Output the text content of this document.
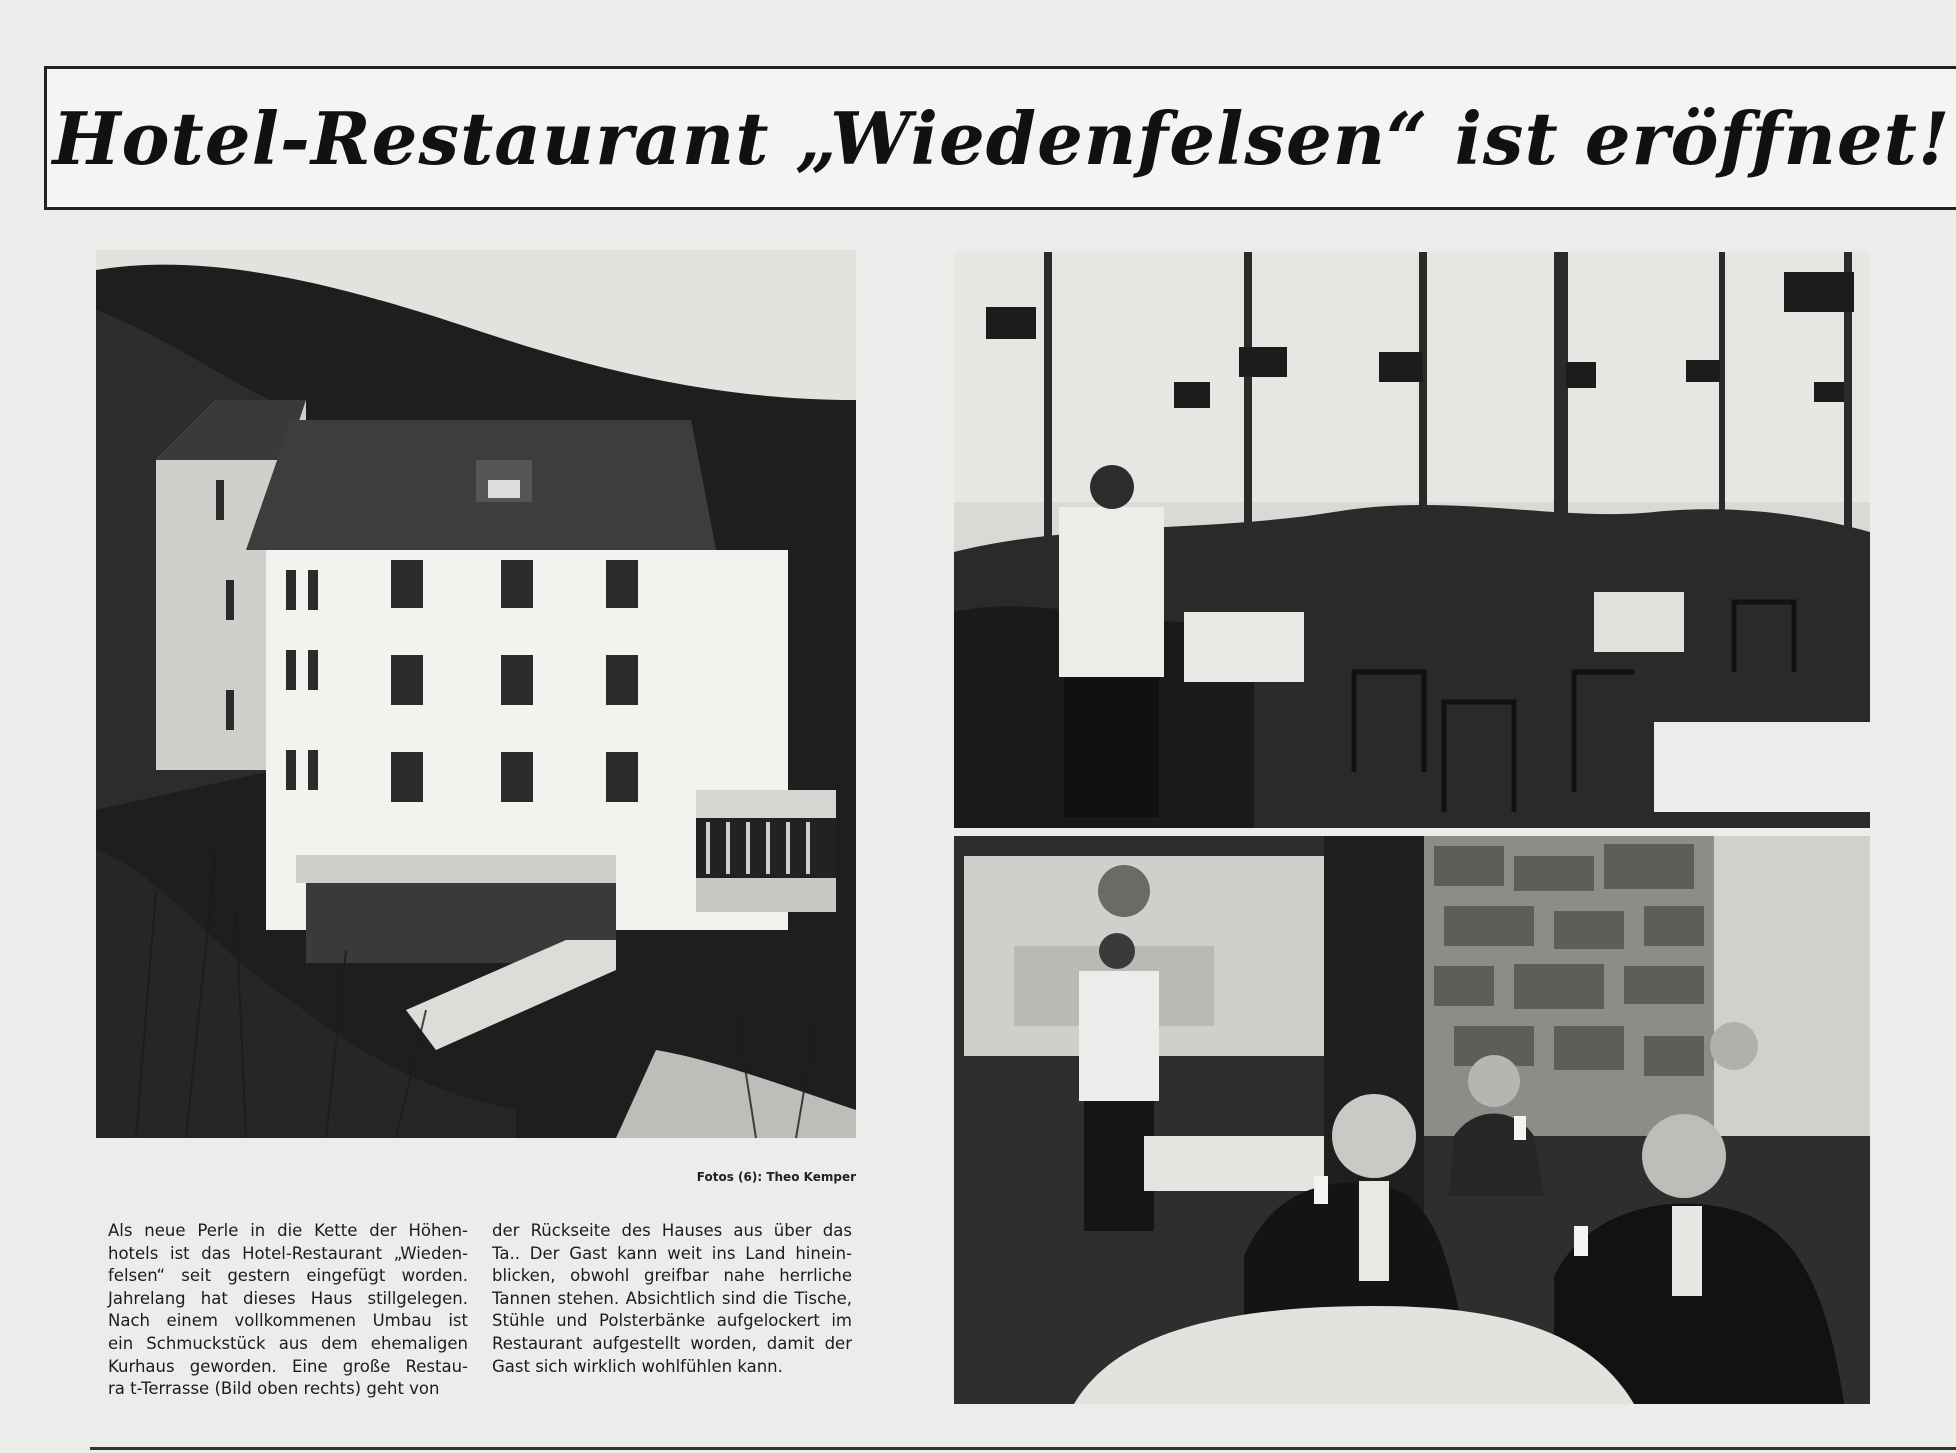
Hotel-Restaurant „Wiedenfelsen“ ist eröffnet!
Fotos (6): Theo Kemper
Als neue Perle in die Kette der Höhen-
hotels ist das Hotel-Restaurant „Wieden-
felsen“ seit gestern eingefügt worden.
Jahrelang hat dieses Haus stillgelegen.
Nach einem vollkommenen Umbau ist
ein Schmuckstück aus dem ehemaligen
Kurhaus geworden. Eine große Restau-
ra t-Terrasse (Bild oben rechts) geht von
der Rückseite des Hauses aus über das
Ta.. Der Gast kann weit ins Land hinein-
blicken, obwohl greifbar nahe herrliche
Tannen stehen. Absichtlich sind die Tische,
Stühle und Polsterbänke aufgelockert im
Restaurant aufgestellt worden, damit der
Gast sich wirklich wohlfühlen kann.
